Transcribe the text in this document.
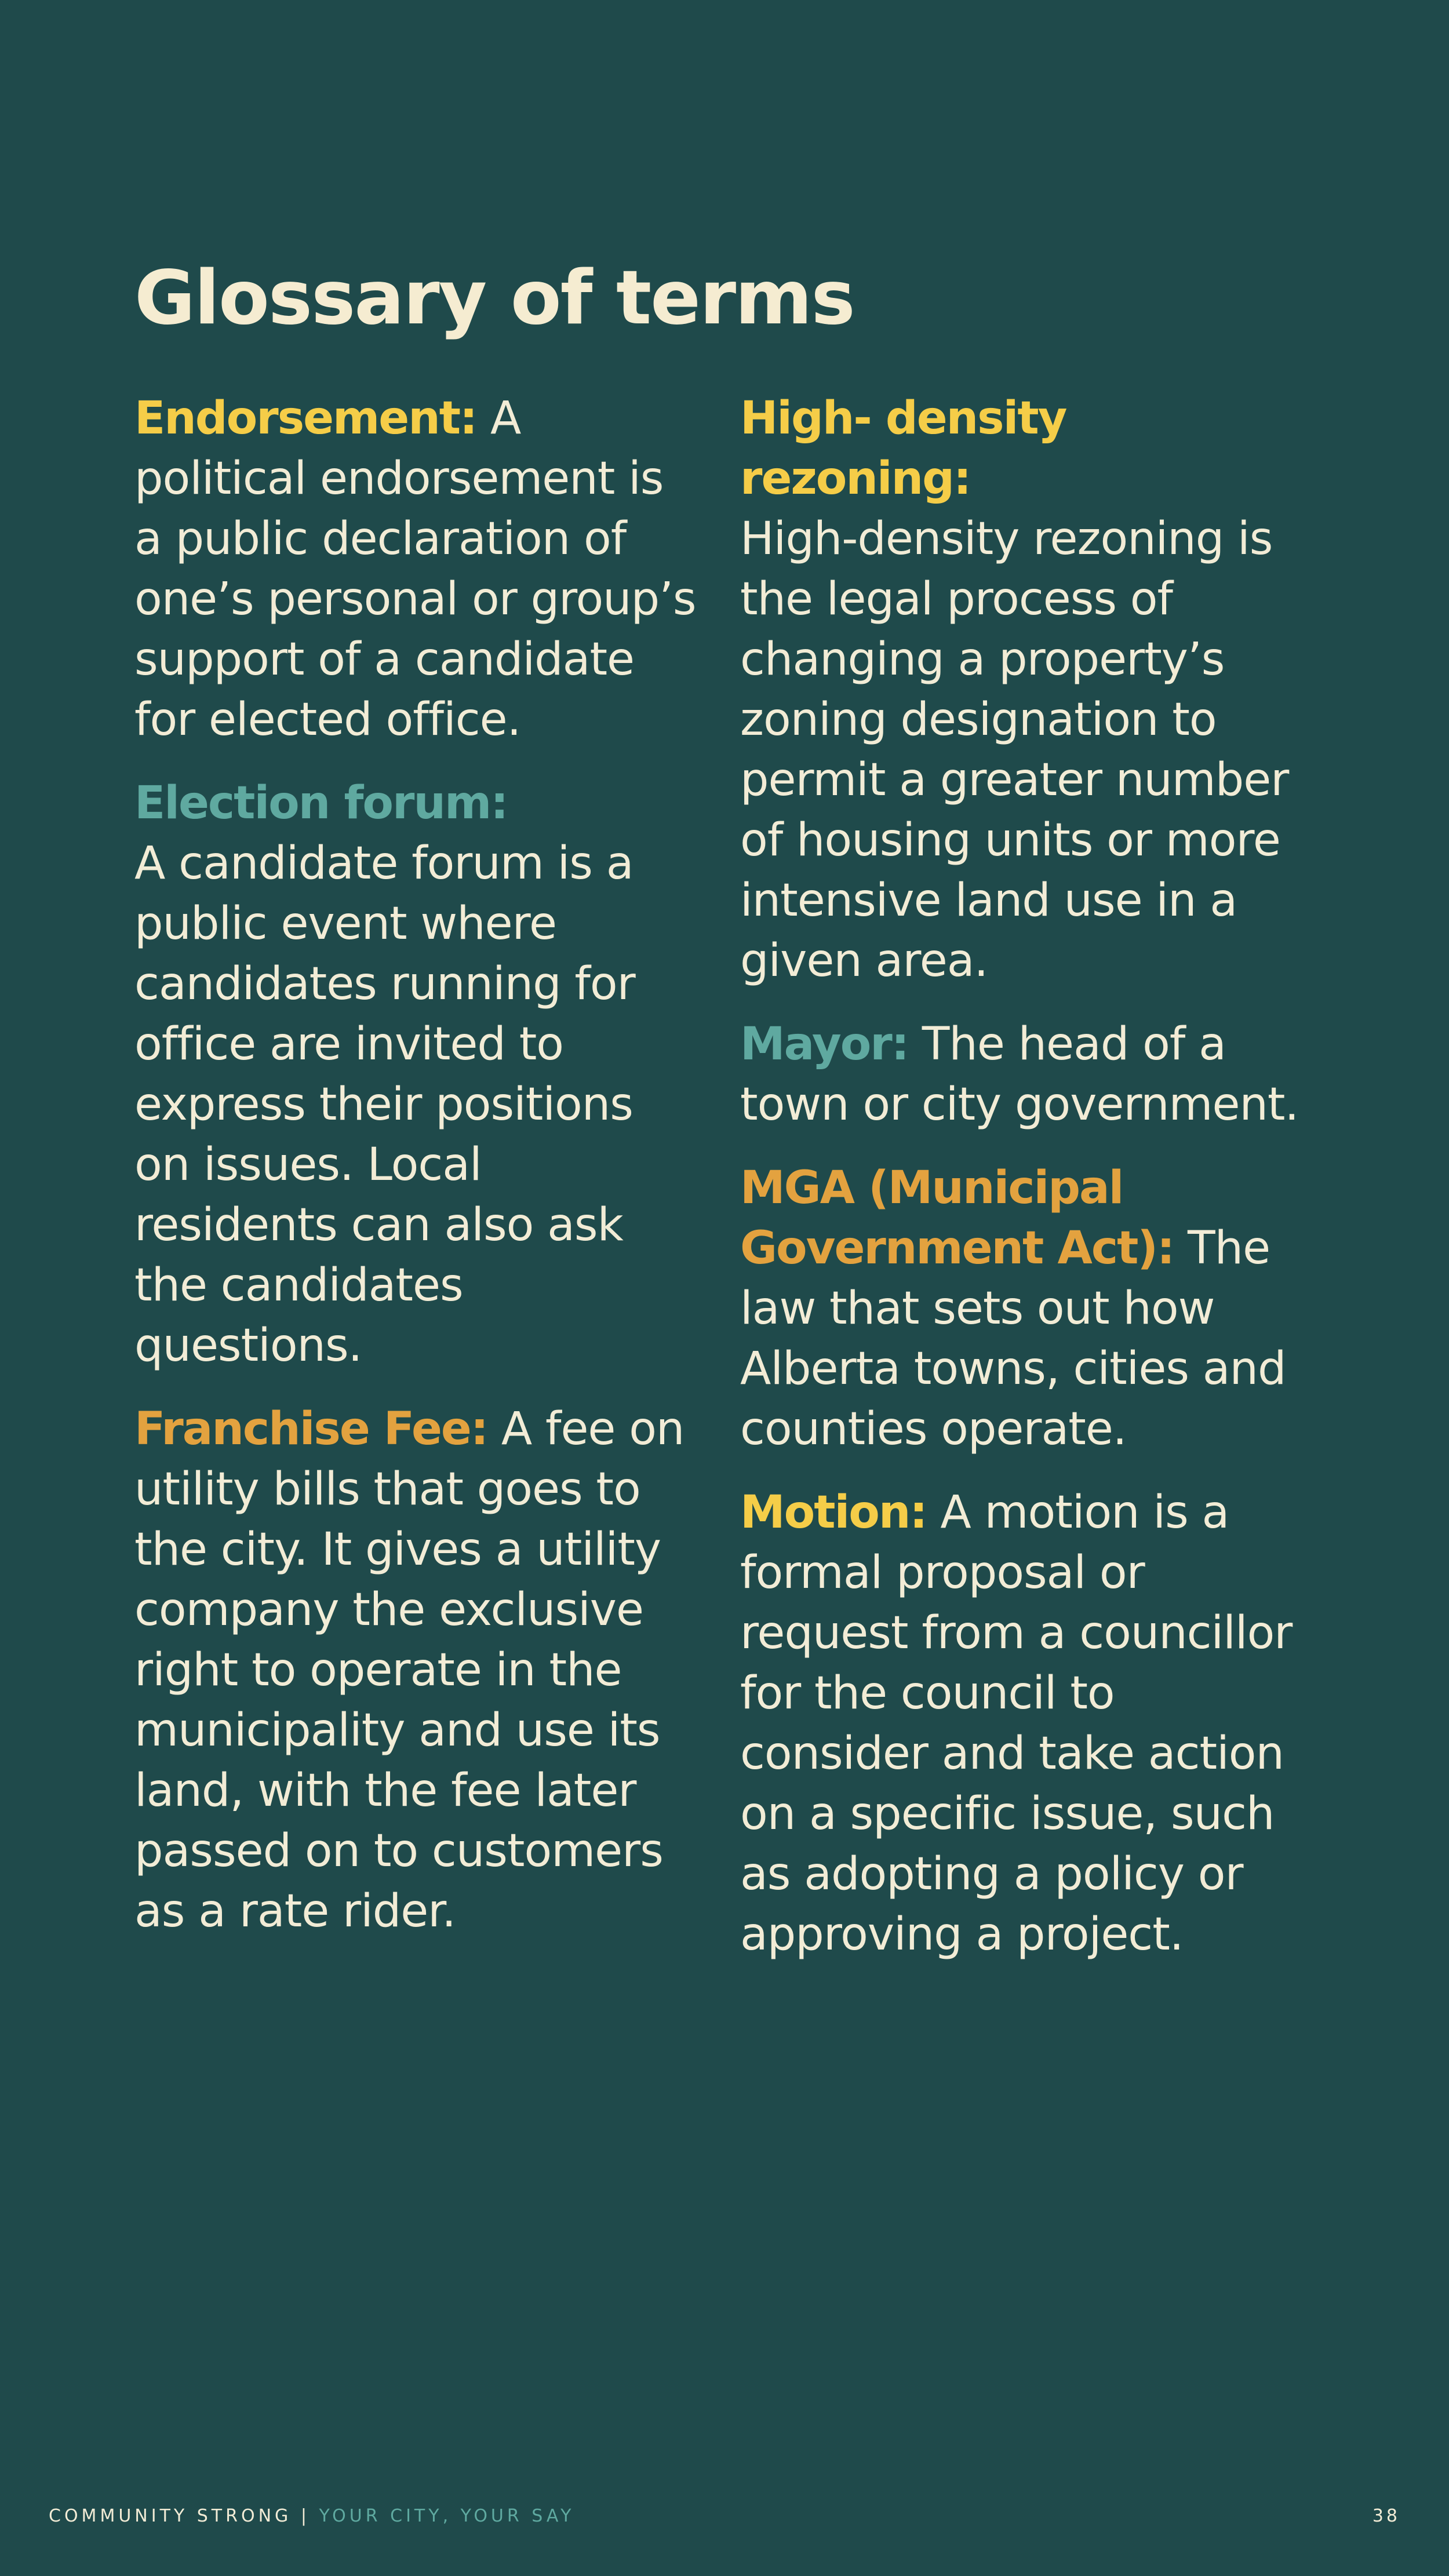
Glossary of terms

Endorsement: A political endorsement is a public declaration of one’s personal or group’s support of a candidate for elected office.

Election forum:
A candidate forum is a public event where candidates running for office are invited to express their positions on issues. Local residents can also ask the candidates questions.

Franchise Fee: A fee on utility bills that goes to the city. It gives a utility company the exclusive right to operate in the municipality and use its land, with the fee later passed on to customers as a rate rider.

High- density rezoning:
High-density rezoning is the legal process of changing a property’s zoning designation to permit a greater number of housing units or more intensive land use in a given area.

Mayor: The head of a town or city government.

MGA (Municipal Government Act): The law that sets out how Alberta towns, cities and counties operate.

Motion: A motion is a formal proposal or request from a councillor for the council to consider and take action on a specific issue, such as adopting a policy or approving a project.

COMMUNITY STRONG | YOUR CITY, YOUR SAY	38
